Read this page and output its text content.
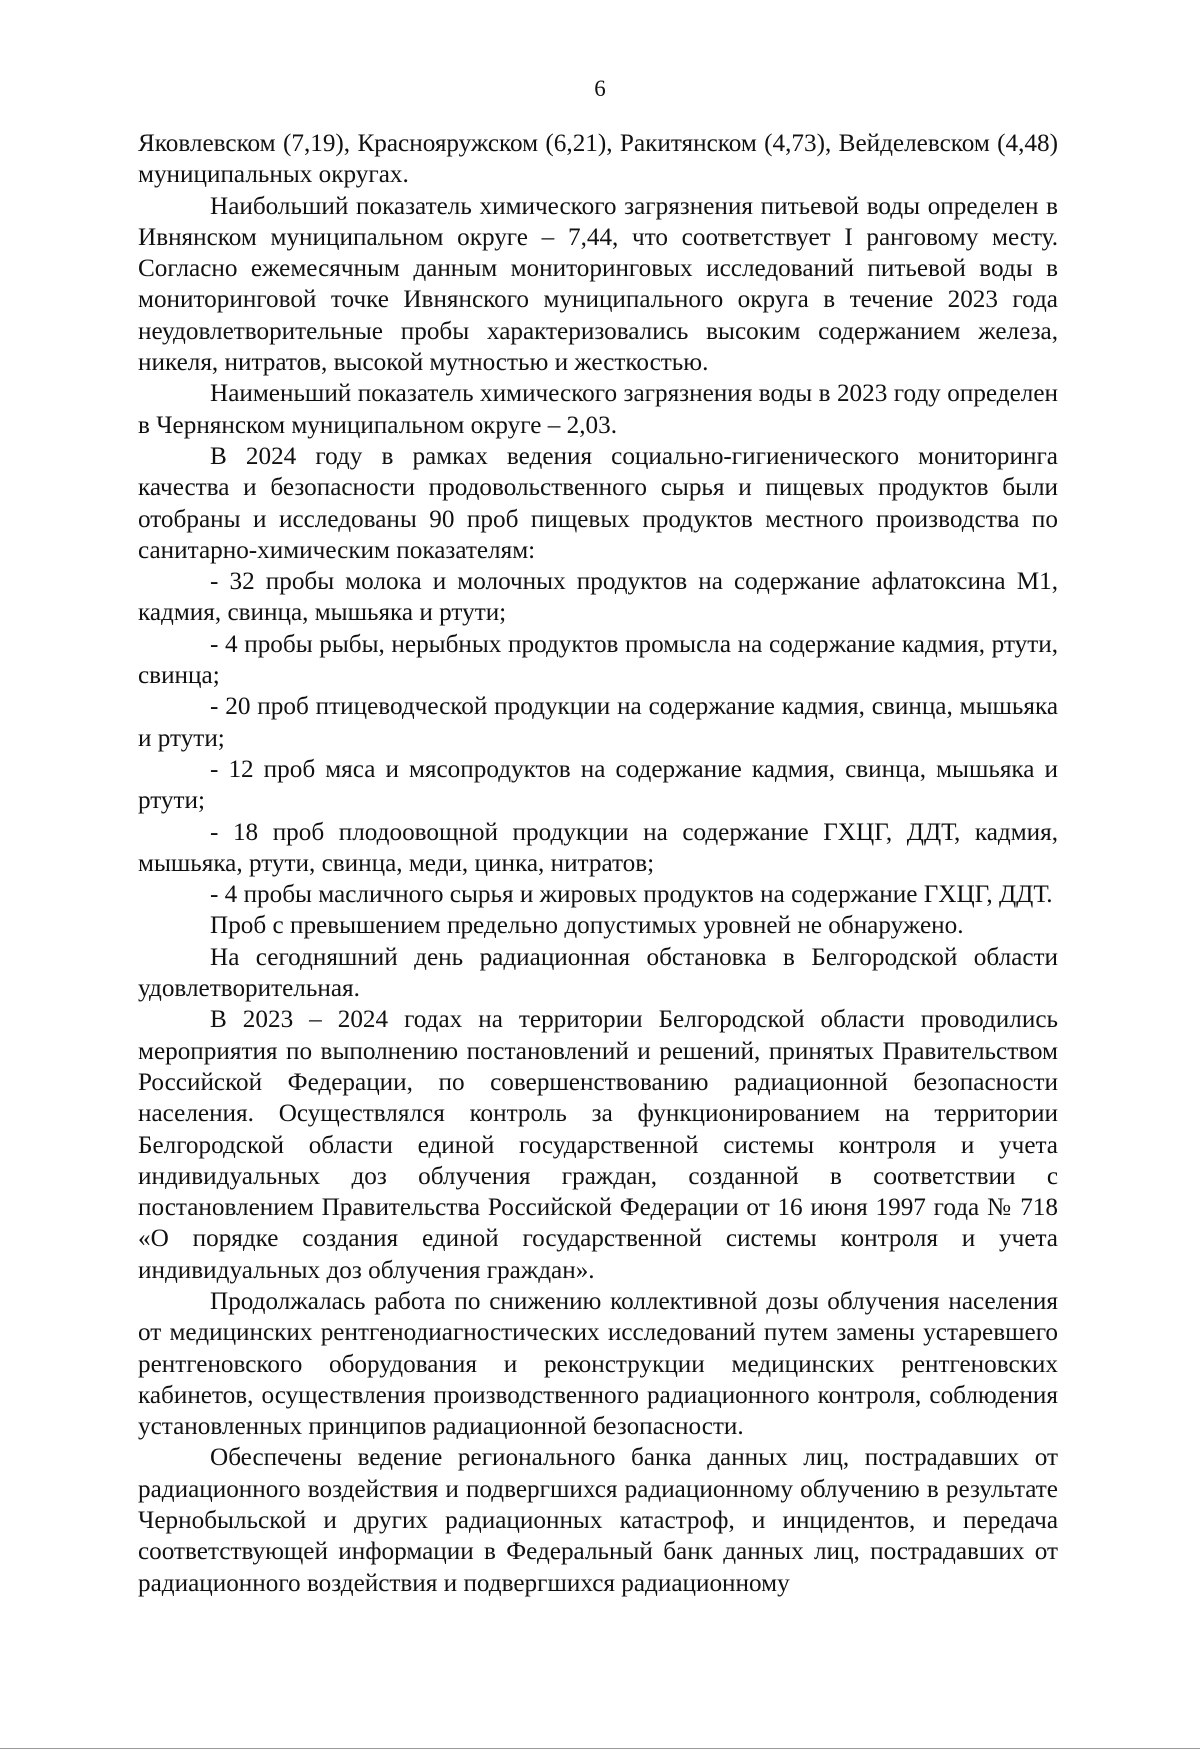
6

Яковлевском (7,19), Краснояружском (6,21), Ракитянском (4,73), Вейделевском (4,48) муниципальных округах.

Наибольший показатель химического загрязнения питьевой воды определен в Ивнянском муниципальном округе – 7,44, что соответствует I ранговому месту. Согласно ежемесячным данным мониторинговых исследований питьевой воды в мониторинговой точке Ивнянского муниципального округа в течение 2023 года неудовлетворительные пробы характеризовались высоким содержанием железа, никеля, нитратов, высокой мутностью и жесткостью.

Наименьший показатель химического загрязнения воды в 2023 году определен в Чернянском муниципальном округе – 2,03.

В 2024 году в рамках ведения социально-гигиенического мониторинга качества и безопасности продовольственного сырья и пищевых продуктов были отобраны и исследованы 90 проб пищевых продуктов местного производства по санитарно-химическим показателям:

- 32 пробы молока и молочных продуктов на содержание афлатоксина М1, кадмия, свинца, мышьяка и ртути;

- 4 пробы рыбы, нерыбных продуктов промысла на содержание кадмия, ртути, свинца;

- 20 проб птицеводческой продукции на содержание кадмия, свинца, мышьяка и ртути;

- 12 проб мяса и мясопродуктов на содержание кадмия, свинца, мышьяка и ртути;

- 18 проб плодоовощной продукции на содержание ГХЦГ, ДДТ, кадмия, мышьяка, ртути, свинца, меди, цинка, нитратов;

- 4 пробы масличного сырья и жировых продуктов на содержание ГХЦГ, ДДТ.

Проб с превышением предельно допустимых уровней не обнаружено.

На сегодняшний день радиационная обстановка в Белгородской области удовлетворительная.

В 2023 – 2024 годах на территории Белгородской области проводились мероприятия по выполнению постановлений и решений, принятых Правительством Российской Федерации, по совершенствованию радиационной безопасности населения. Осуществлялся контроль за функционированием на территории Белгородской области единой государственной системы контроля и учета индивидуальных доз облучения граждан, созданной в соответствии с постановлением Правительства Российской Федерации от 16 июня 1997 года № 718 «О порядке создания единой государственной системы контроля и учета индивидуальных доз облучения граждан».

Продолжалась работа по снижению коллективной дозы облучения населения от медицинских рентгенодиагностических исследований путем замены устаревшего рентгеновского оборудования и реконструкции медицинских рентгеновских кабинетов, осуществления производственного радиационного контроля, соблюдения установленных принципов радиационной безопасности.

Обеспечены ведение регионального банка данных лиц, пострадавших от радиационного воздействия и подвергшихся радиационному облучению в результате Чернобыльской и других радиационных катастроф, и инцидентов, и передача соответствующей информации в Федеральный банк данных лиц, пострадавших от радиационного воздействия и подвергшихся радиационному
